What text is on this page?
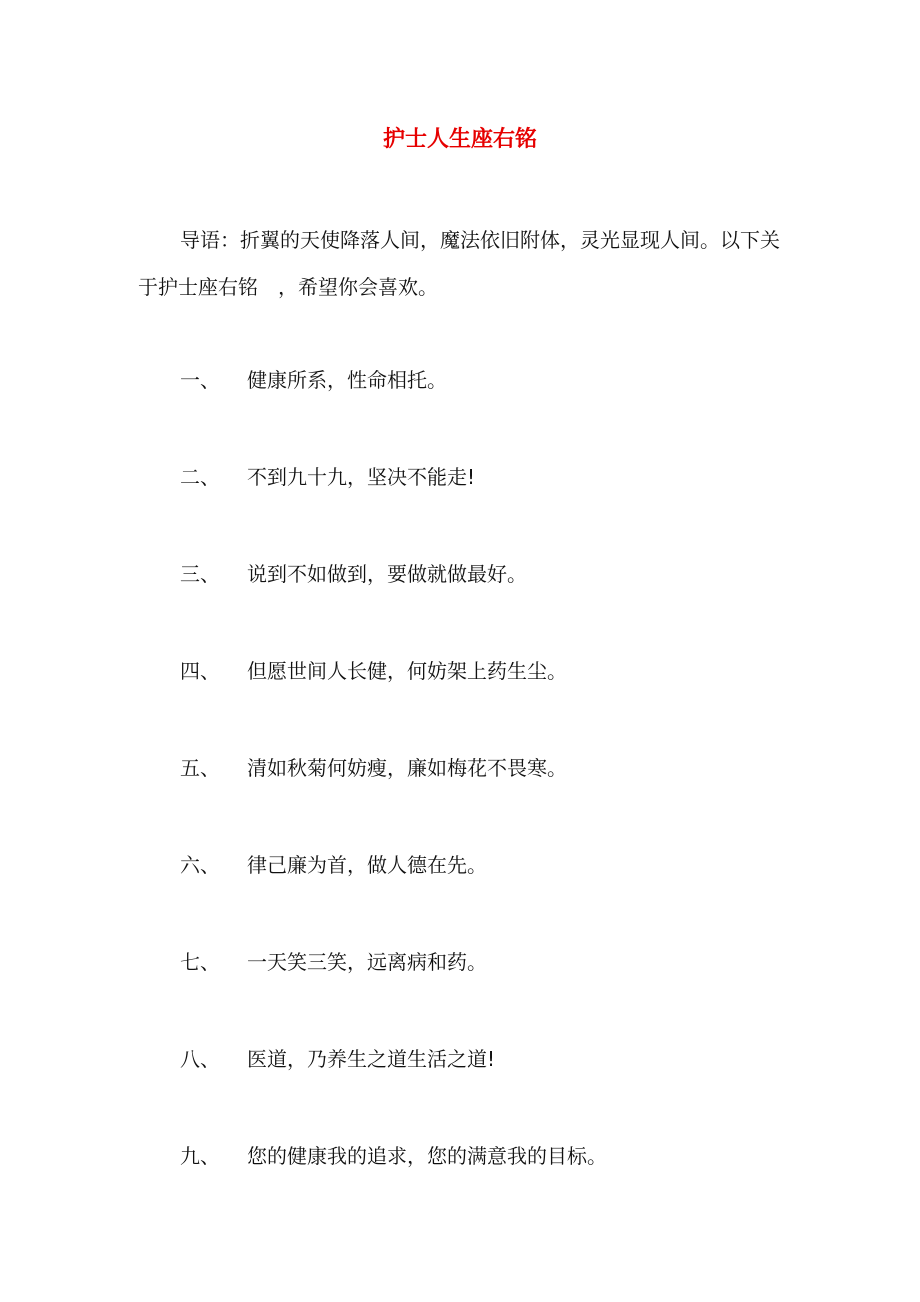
护士人生座右铭

导语：折翼的天使降落人间，魔法依旧附体，灵光显现人间。以下关于护士座右铭　，希望你会喜欢。

一、	健康所系，性命相托。
二、	不到九十九，坚决不能走!
三、	说到不如做到，要做就做最好。
四、	但愿世间人长健，何妨架上药生尘。
五、	清如秋菊何妨瘦，廉如梅花不畏寒。
六、	律己廉为首，做人德在先。
七、	一天笑三笑，远离病和药。
八、	医道，乃养生之道生活之道!
九、	您的健康我的追求，您的满意我的目标。
